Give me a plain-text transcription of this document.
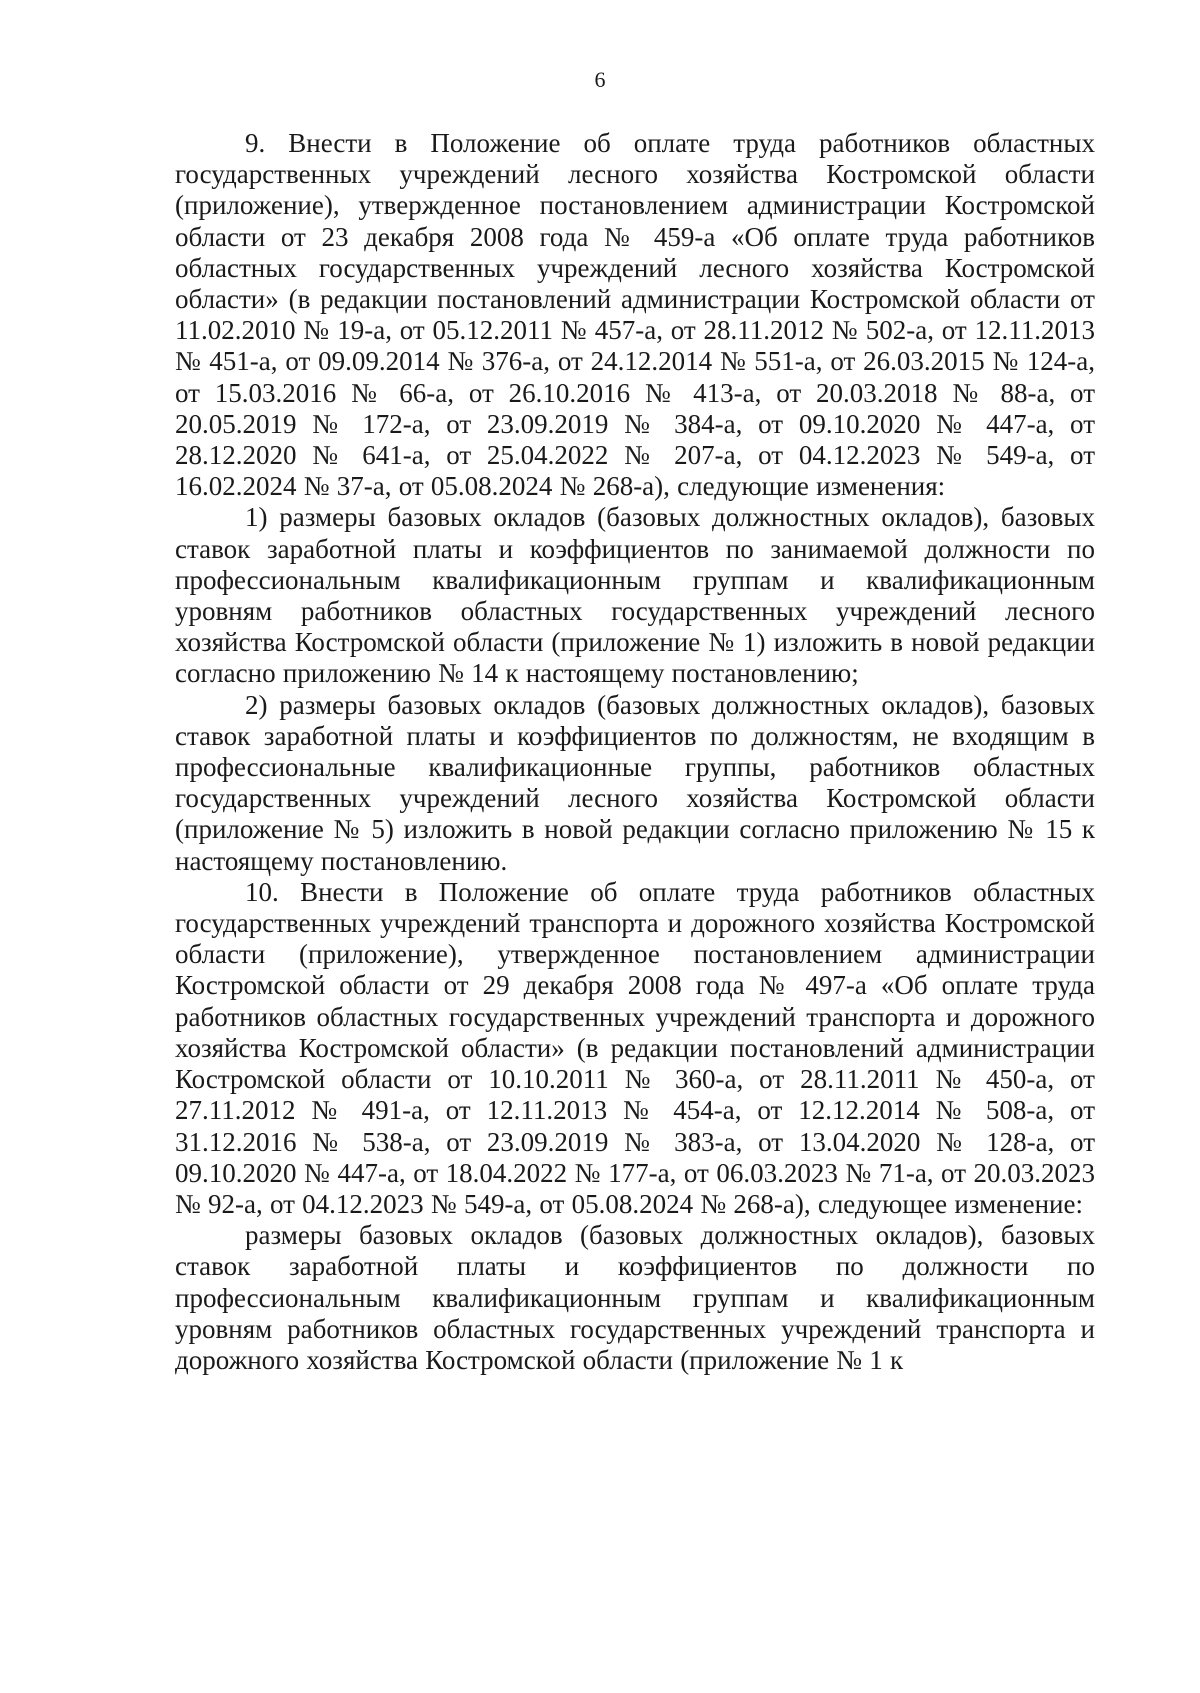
6

9. Внести в Положение об оплате труда работников областных государственных учреждений лесного хозяйства Костромской области (приложение), утвержденное постановлением администрации Костромской области от 23 декабря 2008 года № 459-а «Об оплате труда работников областных государственных учреждений лесного хозяйства Костромской области» (в редакции постановлений администрации Костромской области от 11.02.2010 № 19-а, от 05.12.2011 № 457-а, от 28.11.2012 № 502-а, от 12.11.2013 № 451-а, от 09.09.2014 № 376-а, от 24.12.2014 № 551-а, от 26.03.2015 № 124-а, от 15.03.2016 № 66-а, от 26.10.2016 № 413-а, от 20.03.2018 № 88-а, от 20.05.2019 № 172-а, от 23.09.2019 № 384-а, от 09.10.2020 № 447-а, от 28.12.2020 № 641-а, от 25.04.2022 № 207-а, от 04.12.2023 № 549-а, от 16.02.2024 № 37-а, от 05.08.2024 № 268-а), следующие изменения:

1) размеры базовых окладов (базовых должностных окладов), базовых ставок заработной платы и коэффициентов по занимаемой должности по профессиональным квалификационным группам и квалификационным уровням работников областных государственных учреждений лесного хозяйства Костромской области (приложение № 1) изложить в новой редакции согласно приложению № 14 к настоящему постановлению;

2) размеры базовых окладов (базовых должностных окладов), базовых ставок заработной платы и коэффициентов по должностям, не входящим в профессиональные квалификационные группы, работников областных государственных учреждений лесного хозяйства Костромской области (приложение № 5) изложить в новой редакции согласно приложению № 15 к настоящему постановлению.

10. Внести в Положение об оплате труда работников областных государственных учреждений транспорта и дорожного хозяйства Костромской области (приложение), утвержденное постановлением администрации Костромской области от 29 декабря 2008 года № 497-а «Об оплате труда работников областных государственных учреждений транспорта и дорожного хозяйства Костромской области» (в редакции постановлений администрации Костромской области от 10.10.2011 № 360-а, от 28.11.2011 № 450-а, от 27.11.2012 № 491-а, от 12.11.2013 № 454-а, от 12.12.2014 № 508-а, от 31.12.2016 № 538-а, от 23.09.2019 № 383-а, от 13.04.2020 № 128-а, от 09.10.2020 № 447-а, от 18.04.2022 № 177-а, от 06.03.2023 № 71-а, от 20.03.2023 № 92-а, от 04.12.2023 № 549-а, от 05.08.2024 № 268-а), следующее изменение:

размеры базовых окладов (базовых должностных окладов), базовых ставок заработной платы и коэффициентов по должности по профессиональным квалификационным группам и квалификационным уровням работников областных государственных учреждений транспорта и дорожного хозяйства Костромской области (приложение № 1 к
